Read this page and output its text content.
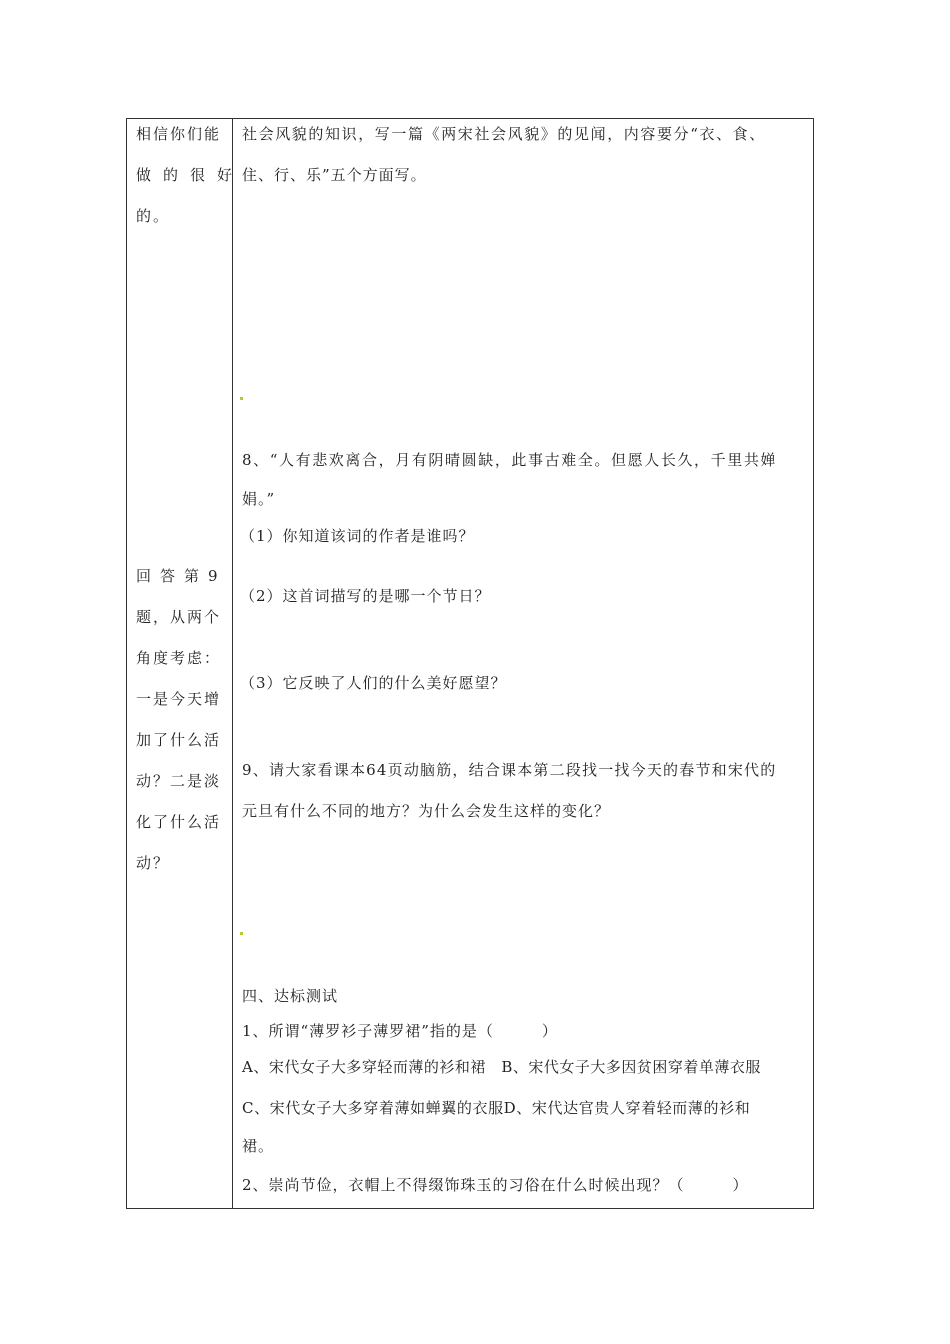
相信你们能
做的很好
的。
回答第9
题，从两个
角度考虑：
一是今天增
加了什么活
动？二是淡
化了什么活
动？
社会风貌的知识，写一篇《两宋社会风貌》的见闻，内容要分“衣、食、
住、行、乐”五个方面写。
8、“人有悲欢离合，月有阴晴圆缺，此事古难全。但愿人长久，千里共婵
娟。”
（1）你知道该词的作者是谁吗？
（2）这首词描写的是哪一个节日？
（3）它反映了人们的什么美好愿望？
9、请大家看课本64页动脑筋，结合课本第二段找一找今天的春节和宋代的
元旦有什么不同的地方？为什么会发生这样的变化？
四、达标测试
1、所谓“薄罗衫子薄罗裙”指的是（　　　）
A、宋代女子大多穿轻而薄的衫和裙　B、宋代女子大多因贫困穿着单薄衣服
C、宋代女子大多穿着薄如蝉翼的衣服D、宋代达官贵人穿着轻而薄的衫和
裙。
2、崇尚节俭，衣帽上不得缀饰珠玉的习俗在什么时候出现？（　　　）
